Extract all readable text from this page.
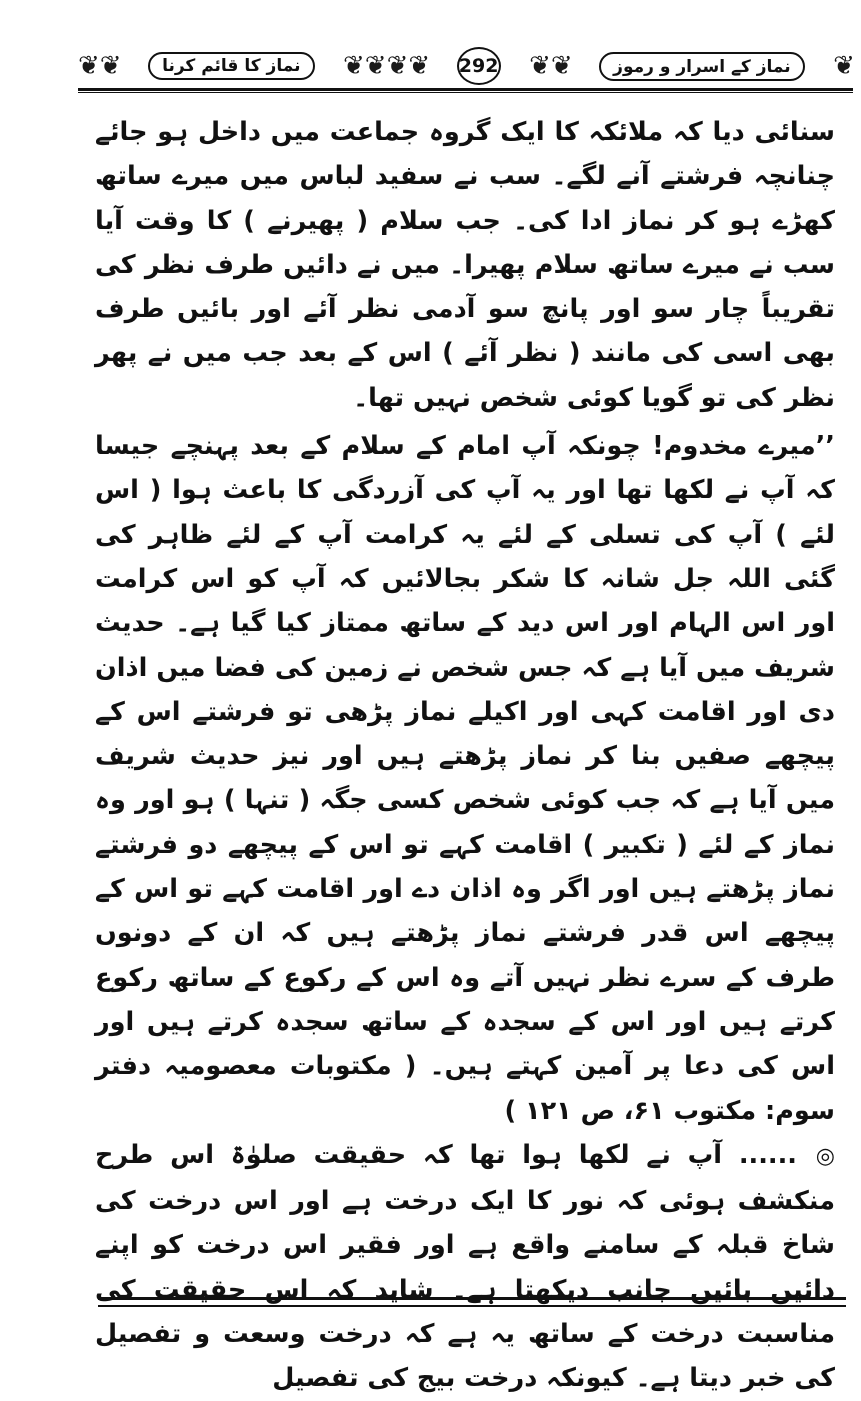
❦ ❦	نماز کا قائم کرنا	❦ ❦ ❦ ❦ 292 ❦ ❦	نماز کے اسرار و رموز	❦

سنائی دیا کہ ملائکہ کا ایک گروہ جماعت میں داخل ہو جائے چنانچہ فرشتے آنے لگے۔ سب نے سفید لباس میں میرے ساتھ کھڑے ہو کر نماز ادا کی۔ جب سلام ( پھیرنے ) کا وقت آیا سب نے میرے ساتھ سلام پھیرا۔ میں نے دائیں طرف نظر کی تقریباً چار سو اور پانچ سو آدمی نظر آئے اور بائیں طرف بھی اسی کی مانند ( نظر آئے ) اس کے بعد جب میں نے پھر نظر کی تو گویا کوئی شخص نہیں تھا۔

’’میرے مخدوم! چونکہ آپ امام کے سلام کے بعد پہنچے جیسا کہ آپ نے لکھا تھا اور یہ آپ کی آزردگی کا باعث ہوا ( اس لئے ) آپ کی تسلی کے لئے یہ کرامت آپ کے لئے ظاہر کی گئی اللہ جل شانہ کا شکر بجالائیں کہ آپ کو اس کرامت اور اس الہام اور اس دید کے ساتھ ممتاز کیا گیا ہے۔ حدیث شریف میں آیا ہے کہ جس شخص نے زمین کی فضا میں اذان دی اور اقامت کہی اور اکیلے نماز پڑھی تو فرشتے اس کے پیچھے صفیں بنا کر نماز پڑھتے ہیں اور نیز حدیث شریف میں آیا ہے کہ جب کوئی شخص کسی جگہ ( تنہا ) ہو اور وہ نماز کے لئے ( تکبیر ) اقامت کہے تو اس کے پیچھے دو فرشتے نماز پڑھتے ہیں اور اگر وہ اذان دے اور اقامت کہے تو اس کے پیچھے اس قدر فرشتے نماز پڑھتے ہیں کہ ان کے دونوں طرف کے سرے نظر نہیں آتے وہ اس کے رکوع کے ساتھ رکوع کرتے ہیں اور اس کے سجدہ کے ساتھ سجدہ کرتے ہیں اور اس کی دعا پر آمین کہتے ہیں۔ ( مکتوبات معصومیہ دفتر سوم: مکتوب ۶۱، ص ۱۲۱ )

◎ ...... آپ نے لکھا ہوا تھا کہ حقیقت صلوٰۃ اس طرح منکشف ہوئی کہ نور کا ایک درخت ہے اور اس درخت کی شاخ قبلہ کے سامنے واقع ہے اور فقیر اس درخت کو اپنے دائیں بائیں جانب دیکھتا ہے۔ شاید کہ اس حقیقت کی مناسبت درخت کے ساتھ یہ ہے کہ درخت وسعت و تفصیل کی خبر دیتا ہے۔ کیونکہ درخت بیج کی تفصیل
